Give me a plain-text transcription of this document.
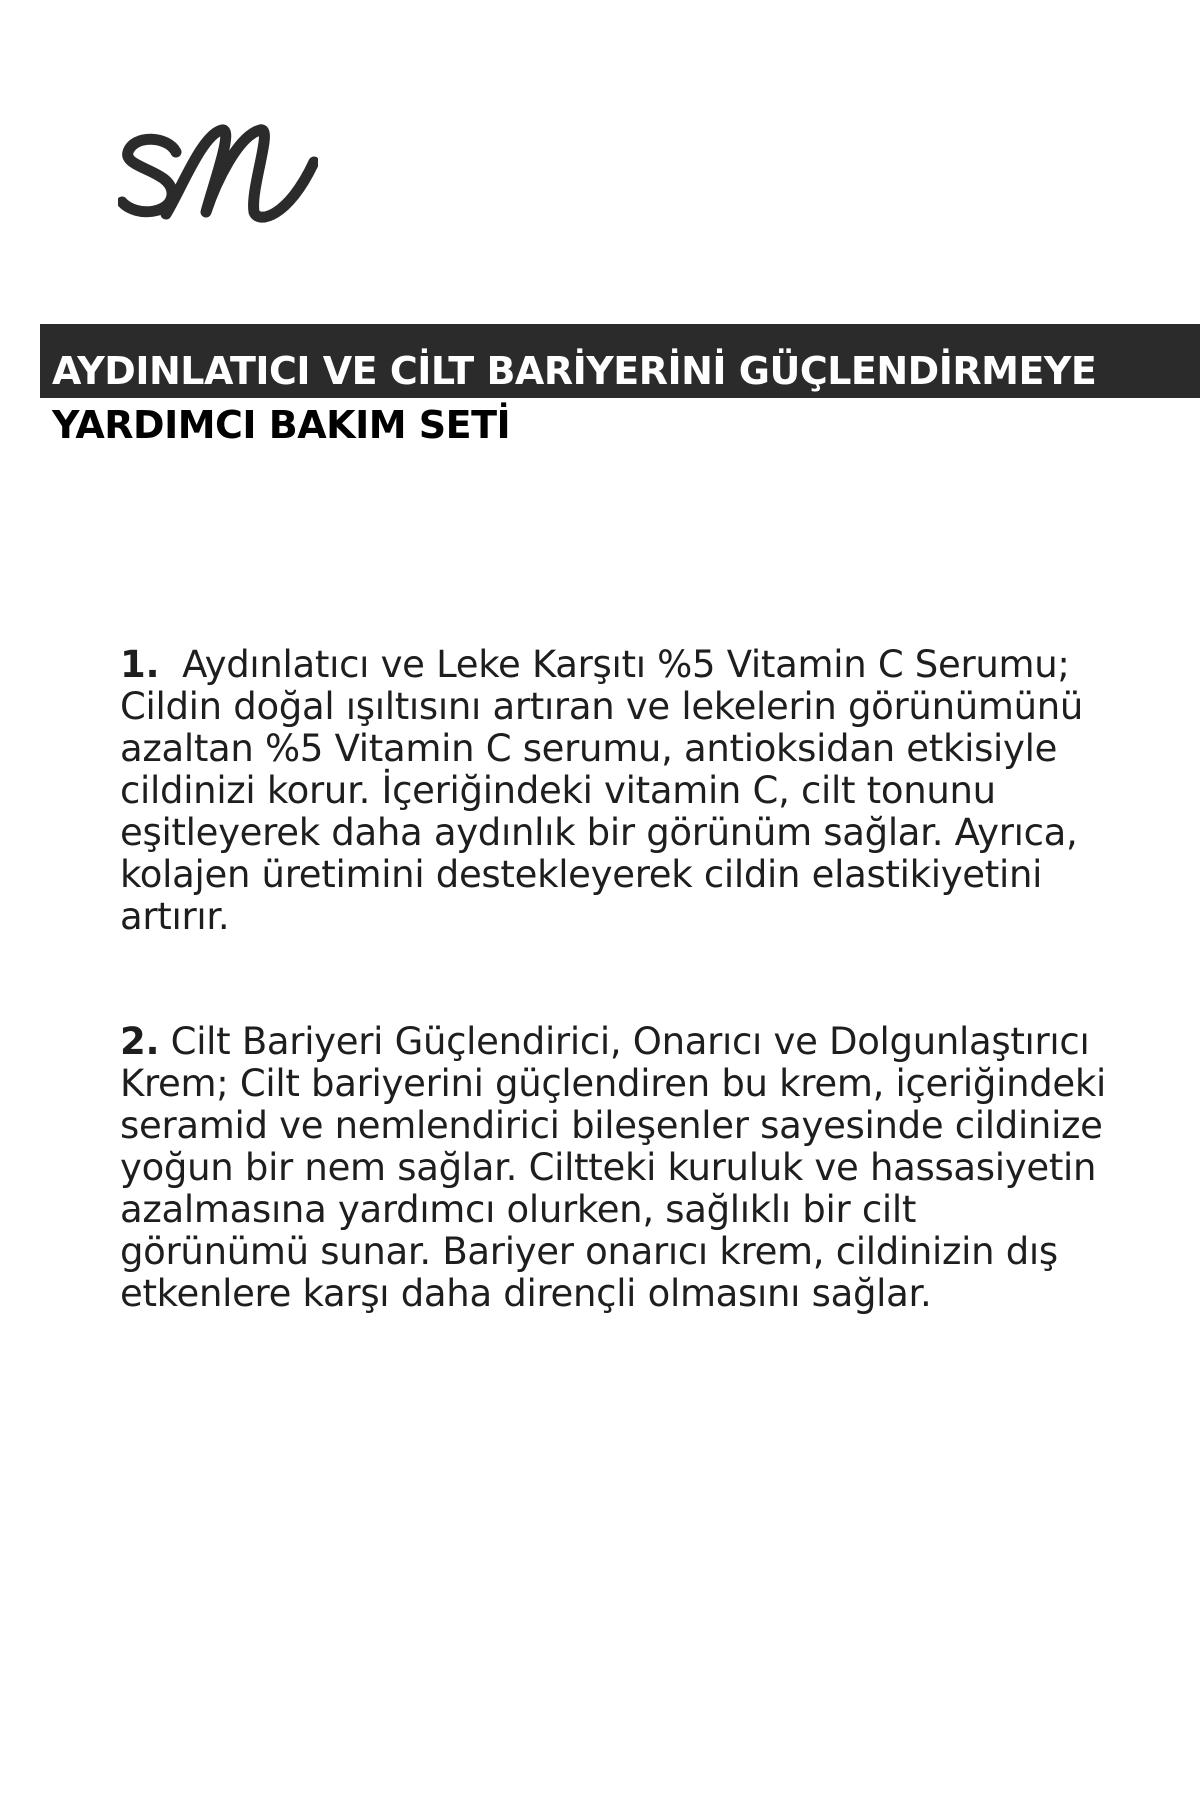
AYDINLATICI VE CİLT BARİYERİNİ GÜÇLENDİRMEYE
YARDIMCI BAKIM SETİ
1. Aydınlatıcı ve Leke Karşıtı %5 Vitamin C Serumu; Cildin doğal ışıltısını artıran ve lekelerin görünümünü azaltan %5 Vitamin C serumu, antioksidan etkisiyle cildinizi korur. İçeriğindeki vitamin C, cilt tonunu eşitleyerek daha aydınlık bir görünüm sağlar. Ayrıca, kolajen üretimini destekleyerek cildin elastikiyetini artırır.
2. Cilt Bariyeri Güçlendirici, Onarıcı ve Dolgunlaştırıcı Krem; Cilt bariyerini güçlendiren bu krem, içeriğindeki seramid ve nemlendirici bileşenler sayesinde cildinize yoğun bir nem sağlar. Ciltteki kuruluk ve hassasiyetin azalmasına yardımcı olurken, sağlıklı bir cilt görünümü sunar. Bariyer onarıcı krem, cildinizin dış etkenlere karşı daha dirençli olmasını sağlar.
